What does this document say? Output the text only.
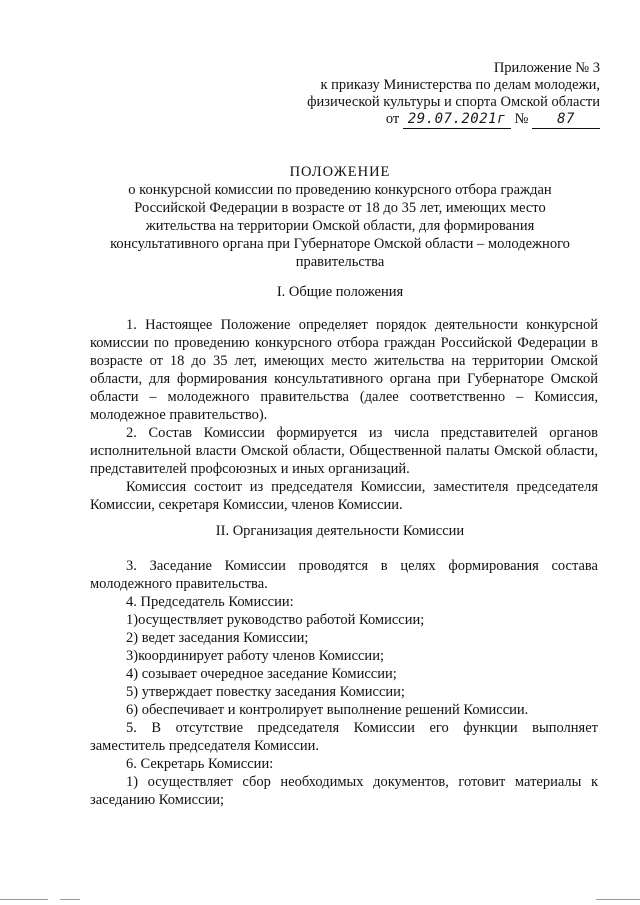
Приложение № 3
к приказу Министерства по делам молодежи,
физической культуры и спорта Омской области
от 29.07.2021г № 87
ПОЛОЖЕНИЕ
о конкурсной комиссии по проведению конкурсного отбора граждан
Российской Федерации в возрасте от 18 до 35 лет, имеющих место
жительства на территории Омской области, для формирования
консультативного органа при Губернаторе Омской области – молодежного
правительства
I. Общие положения

1. Настоящее Положение определяет порядок деятельности конкурсной комиссии по проведению конкурсного отбора граждан Российской Федерации в возрасте от 18 до 35 лет, имеющих место жительства на территории Омской области, для формирования консультативного органа при Губернаторе Омской области – молодежного правительства (далее соответственно – Комиссия, молодежное правительство).

2. Состав Комиссии формируется из числа представителей органов исполнительной власти Омской области, Общественной палаты Омской области, представителей профсоюзных и иных организаций.

Комиссия состоит из председателя Комиссии, заместителя председателя Комиссии, секретаря Комиссии, членов Комиссии.

II. Организация деятельности Комиссии

3. Заседание Комиссии проводятся в целях формирования состава молодежного правительства.

4. Председатель Комиссии:

1)осуществляет руководство работой Комиссии;

2) ведет заседания Комиссии;

3)координирует работу членов Комиссии;

4) созывает очередное заседание Комиссии;

5) утверждает повестку заседания Комиссии;

6) обеспечивает и контролирует выполнение решений Комиссии.

5. В отсутствие председателя Комиссии его функции выполняет заместитель председателя Комиссии.

6. Секретарь Комиссии:

1) осуществляет сбор необходимых документов, готовит материалы к заседанию Комиссии;
